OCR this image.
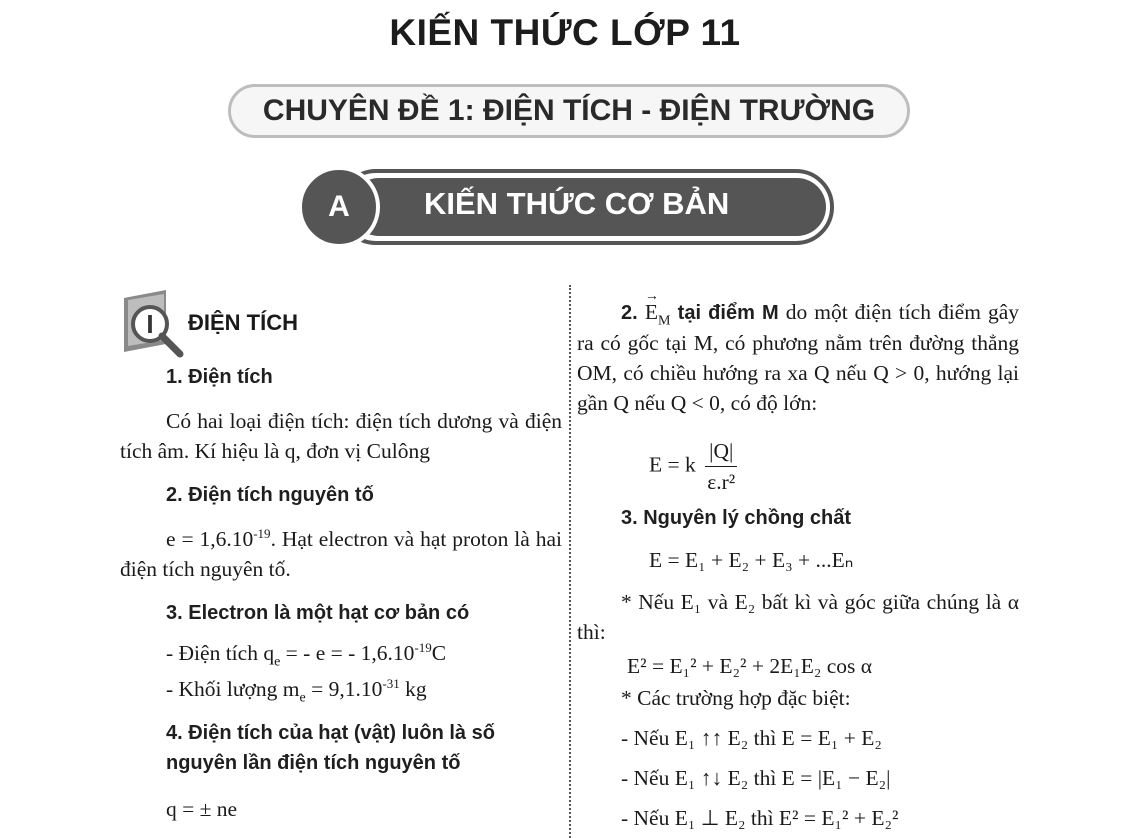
KIẾN THỨC LỚP 11
CHUYÊN ĐỀ 1: ĐIỆN TÍCH - ĐIỆN TRƯỜNG
A	KIẾN THỨC CƠ BẢN
I ĐIỆN TÍCH
1. Điện tích
Có hai loại điện tích: điện tích dương và điện tích âm. Kí hiệu là q, đơn vị Culông
2. Điện tích nguyên tố
$e = 1,6.10^{-19}$. Hạt electron và hạt proton là hai điện tích nguyên tố.
3. Electron là một hạt cơ bản có
- Điện tích $q_e$ = - e = - $1,6.10^{-19}C$
- Khối lượng $m_e = 9,1.10^{-31}$ kg
4. Điện tích của hạt (vật) luôn là số nguyên lần điện tích nguyên tố
q = ± ne
2. → $E_M$ tại điểm M do một điện tích điểm gây ra có gốc tại M, có phương nằm trên đường thẳng OM, có chiều hướng ra xa Q nếu Q > 0, hướng lại gần Q nếu Q < 0, có độ lớn:
E = k $\frac{|Q|}{\text{ε.r²}}$
3. Nguyên lý chồng chất
E = E₁ + E₂ + E₃ + ...Eₙ
* Nếu E₁ và E₂ bất kì và góc giữa chúng là α thì:
E² = E₁² + E₂² + 2E₁E₂ cos α
* Các trường hợp đặc biệt:
- Nếu E₁ ↑↑ E₂ thì E = E₁ + E₂
- Nếu E₁ ↑↓ E₂ thì E = |E₁ − E₂|
- Nếu E₁ ⊥ E₂ thì E² = E₁² + E₂²
